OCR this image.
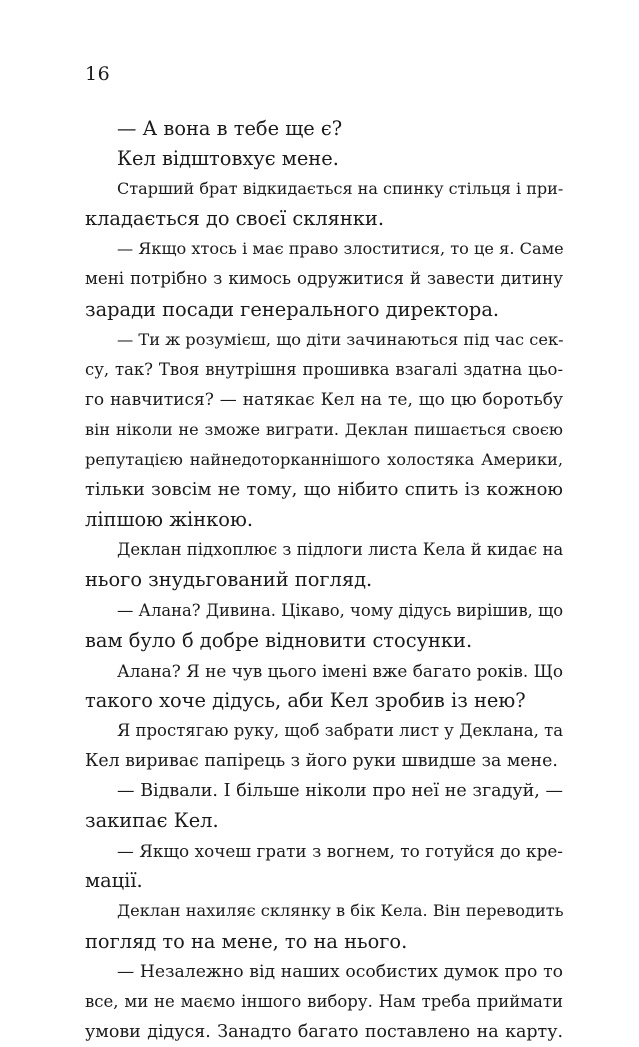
16
— А вона в тебе ще є?
Кел відштовхує мене.
Старший брат відкидається на спинку стільця і при-
кладається до своєї склянки.
— Якщо хтось і має право злоститися, то це я. Саме
мені потрібно з кимось одружитися й завести дитину
заради посади генерального директора.
— Ти ж розумієш, що діти зачинаються під час сек-
су, так? Твоя внутрішня прошивка взагалі здатна цьо-
го навчитися? — натякає Кел на те, що цю боротьбу
він ніколи не зможе виграти. Деклан пишається своєю
репутацією найнедоторканнішого холостяка Америки,
тільки зовсім не тому, що нібито спить із кожною
ліпшою жінкою.
Деклан підхоплює з підлоги листа Кела й кидає на
нього знудьгований погляд.
— Алана? Дивина. Цікаво, чому дідусь вирішив, що
вам було б добре відновити стосунки.
Алана? Я не чув цього імені вже багато років. Що
такого хоче дідусь, аби Кел зробив із нею?
Я простягаю руку, щоб забрати лист у Деклана, та
Кел вириває папірець з його руки швидше за мене.
— Відвали. І більше ніколи про неї не згадуй, —
закипає Кел.
— Якщо хочеш грати з вогнем, то готуйся до кре-
мації.
Деклан нахиляє склянку в бік Кела. Він переводить
погляд то на мене, то на нього.
— Незалежно від наших особистих думок про то
все, ми не маємо іншого вибору. Нам треба приймати
умови дідуся. Занадто багато поставлено на карту.
